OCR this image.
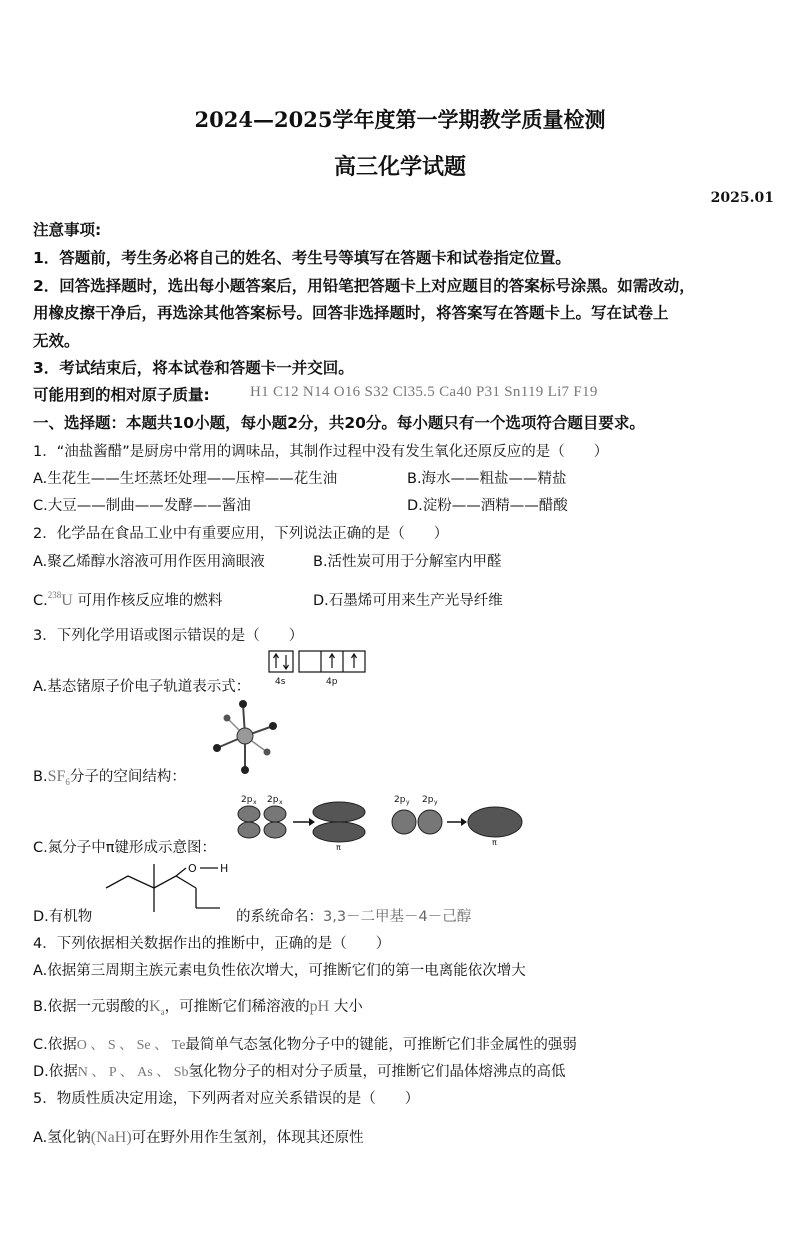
2024—2025学年度第一学期教学质量检测
高三化学试题
2025.01
注意事项:
1．答题前，考生务必将自己的姓名、考生号等填写在答题卡和试卷指定位置。
2．回答选择题时，选出每小题答案后，用铅笔把答题卡上对应题目的答案标号涂黑。如需改动，
用橡皮擦干净后，再选涂其他答案标号。回答非选择题时，将答案写在答题卡上。写在试卷上
无效。
3．考试结束后，将本试卷和答题卡一并交回。
可能用到的相对原子质量:	H1 C12 N14 O16 S32 Cl35.5 Ca40 P31 Sn119 Li7 F19
一、选择题：本题共10小题，每小题2分，共20分。每小题只有一个选项符合题目要求。
1．“油盐酱醋”是厨房中常用的调味品，其制作过程中没有发生氧化还原反应的是（　　）
A.生花生——生坯蒸坯处理——压榨——花生油	B.海水——粗盐——精盐
C.大豆——制曲——发酵——酱油	D.淀粉——酒精——醋酸
2．化学品在食品工业中有重要应用，下列说法正确的是（　　）
A.聚乙烯醇水溶液可用作医用滴眼液	B.活性炭可用于分解室内甲醛
C.$^{238}$U 可用作核反应堆的燃料	D.石墨烯可用来生产光导纤维
3．下列化学用语或图示错误的是（　　）
A.基态锗原子价电子轨道表示式：	4s	4p
$B.SF_6$分子的空间结构：
2p x 2p x
π
2p y 2p y
π
C.氮分子中π键形成示意图：
O H
D.有机物	的系统命名：3,3－二甲基－4－己醇
4．下列依据相关数据作出的推断中，正确的是（　　）
A.依据第三周期主族元素电负性依次增大，可推断它们的第一电离能依次增大
B.依据一元弱酸的$K_a$，可推断它们稀溶液的pH 大小
C.依据O 、 S 、 Se 、 Te最简单气态氢化物分子中的键能，可推断它们非金属性的强弱
D.依据N 、 P 、 As 、 Sb氢化物分子的相对分子质量，可推断它们晶体熔沸点的高低
5．物质性质决定用途，下列两者对应关系错误的是（　　）
A.氢化钠(NaH)可在野外用作生氢剂，体现其还原性
